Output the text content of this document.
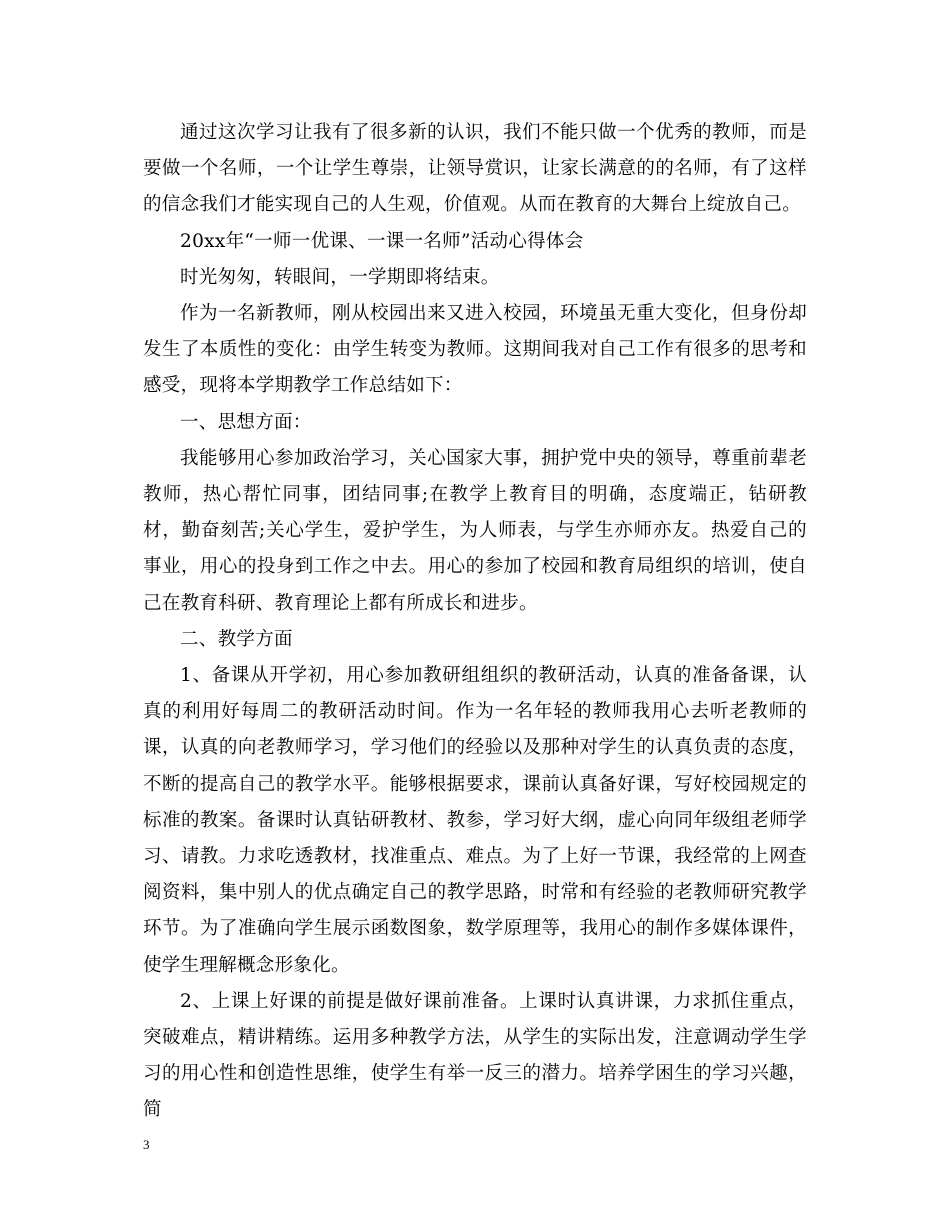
通过这次学习让我有了很多新的认识，我们不能只做一个优秀的教师，而是要做一个名师，一个让学生尊崇，让领导赏识，让家长满意的的名师，有了这样的信念我们才能实现自己的人生观，价值观。从而在教育的大舞台上绽放自己。

20xx年“一师一优课、一课一名师”活动心得体会

时光匆匆，转眼间，一学期即将结束。

作为一名新教师，刚从校园出来又进入校园，环境虽无重大变化，但身份却发生了本质性的变化：由学生转变为教师。这期间我对自己工作有很多的思考和感受，现将本学期教学工作总结如下：

一、思想方面：

我能够用心参加政治学习，关心国家大事，拥护党中央的领导，尊重前辈老教师，热心帮忙同事，团结同事;在教学上教育目的明确，态度端正，钻研教材，勤奋刻苦;关心学生，爱护学生，为人师表，与学生亦师亦友。热爱自己的事业，用心的投身到工作之中去。用心的参加了校园和教育局组织的培训，使自己在教育科研、教育理论上都有所成长和进步。

二、教学方面

1、备课从开学初，用心参加教研组组织的教研活动，认真的准备备课，认真的利用好每周二的教研活动时间。作为一名年轻的教师我用心去听老教师的课，认真的向老教师学习，学习他们的经验以及那种对学生的认真负责的态度，不断的提高自己的教学水平。能够根据要求，课前认真备好课，写好校园规定的标准的教案。备课时认真钻研教材、教参，学习好大纲，虚心向同年级组老师学习、请教。力求吃透教材，找准重点、难点。为了上好一节课，我经常的上网查阅资料，集中别人的优点确定自己的教学思路，时常和有经验的老教师研究教学环节。为了准确向学生展示函数图象，数学原理等，我用心的制作多媒体课件，使学生理解概念形象化。

2、上课上好课的前提是做好课前准备。上课时认真讲课，力求抓住重点，突破难点，精讲精练。运用多种教学方法，从学生的实际出发，注意调动学生学习的用心性和创造性思维，使学生有举一反三的潜力。培养学困生的学习兴趣，简

3
